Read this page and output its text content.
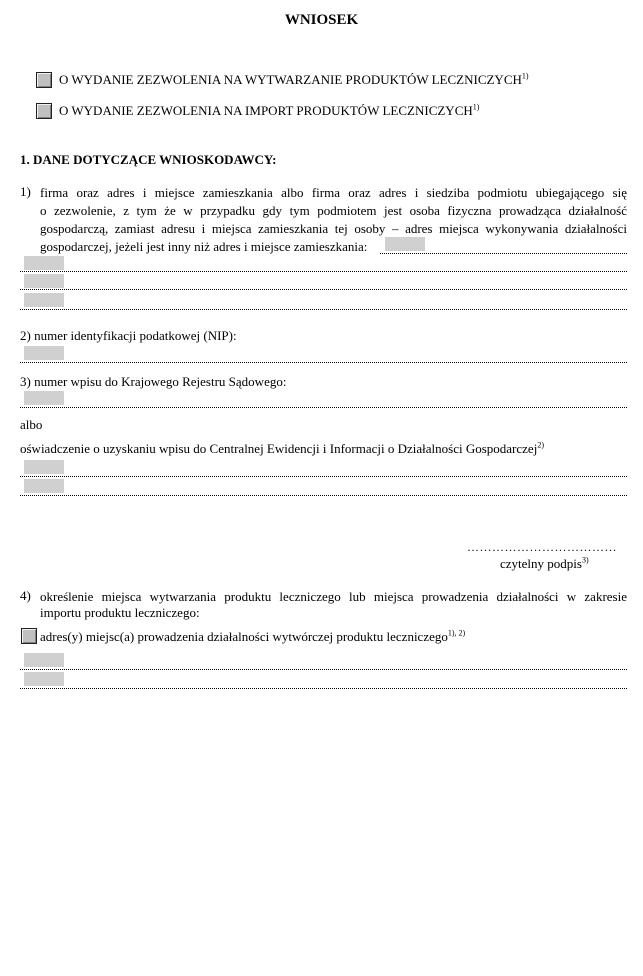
WNIOSEK
O WYDANIE ZEZWOLENIA NA WYTWARZANIE PRODUKTÓW LECZNICZYCH$^{1)}$
O WYDANIE ZEZWOLENIA NA IMPORT PRODUKTÓW LECZNICZYCH$^{1)}$
1. DANE DOTYCZĄCE WNIOSKODAWCY:
1) firma oraz adres i miejsce zamieszkania albo firma oraz adres i siedziba podmiotu ubiegającego się
o zezwolenie, z tym że w przypadku gdy tym podmiotem jest osoba fizyczna prowadząca działalność gospodarczą, zamiast adresu i miejsca zamieszkania tej osoby – adres miejsca wykonywania działalności gospodarczej, jeżeli jest inny niż adres i miejsce zamieszkania:
2) numer identyfikacji podatkowej (NIP):
3) numer wpisu do Krajowego Rejestru Sądowego:
albo
oświadczenie o uzyskaniu wpisu do Centralnej Ewidencji i Informacji o Działalności Gospodarczej$^{2)}$
………………………………
czytelny podpis$^{3)}$
4) określenie miejsca wytwarzania produktu leczniczego lub miejsca prowadzenia działalności w zakresie
importu produktu leczniczego:
adres(y) miejsc(a) prowadzenia działalności wytwórczej produktu leczniczego$^{1), 2)}$
